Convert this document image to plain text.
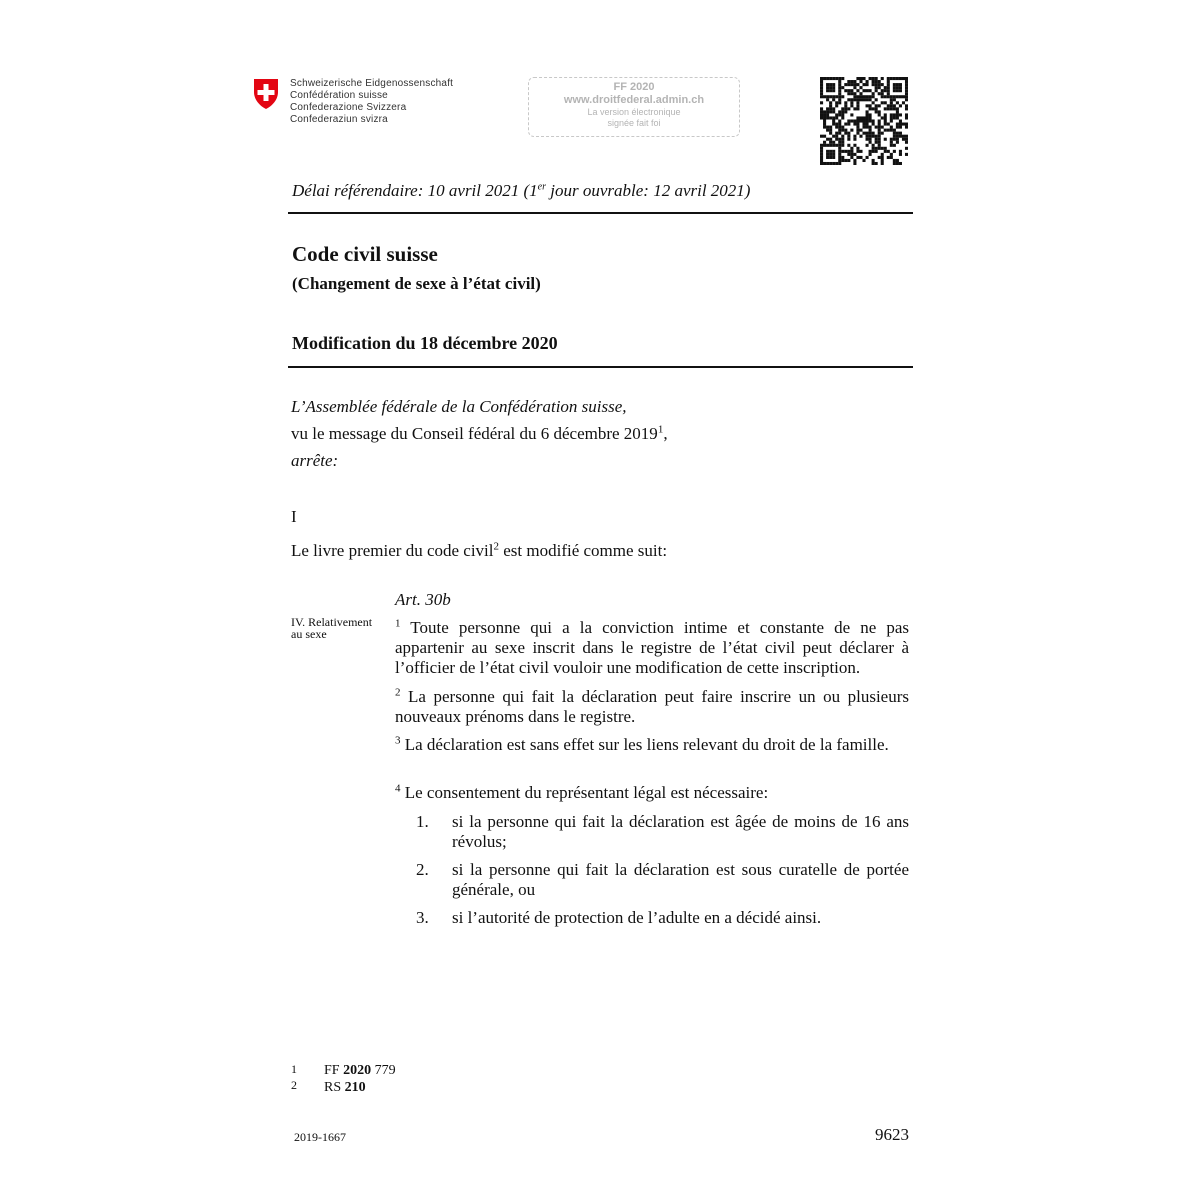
Schweizerische Eidgenossenschaft
Confédération suisse
Confederazione Svizzera
Confederaziun svizra
FF 2020
www.droitfederal.admin.ch
La version électronique
signée fait foi
Délai référendaire: 10 avril 2021 (1er jour ouvrable: 12 avril 2021)
Code civil suisse
(Changement de sexe à l’état civil)
Modification du 18 décembre 2020
L’Assemblée fédérale de la Confédération suisse,
vu le message du Conseil fédéral du 6 décembre 2019$^1$,
arrête:
I
Le livre premier du code civil$^2$ est modifié comme suit:
Art. 30b
IV. Relativement
au sexe
$^1$ Toute personne qui a la conviction intime et constante de ne pas appartenir au sexe inscrit dans le registre de l’état civil peut déclarer à l’officier de l’état civil vouloir une modification de cette inscription.
$^2$ La personne qui fait la déclaration peut faire inscrire un ou plusieurs nouveaux prénoms dans le registre.
$^3$ La déclaration est sans effet sur les liens relevant du droit de la famille.
$^4$ Le consentement du représentant légal est nécessaire:
1. si la personne qui fait la déclaration est âgée de moins de 16 ans révolus;
2. si la personne qui fait la déclaration est sous curatelle de portée générale, ou
3. si l’autorité de protection de l’adulte en a décidé ainsi.
1 FF 2020 779
2 RS 210
2019-1667	9623
